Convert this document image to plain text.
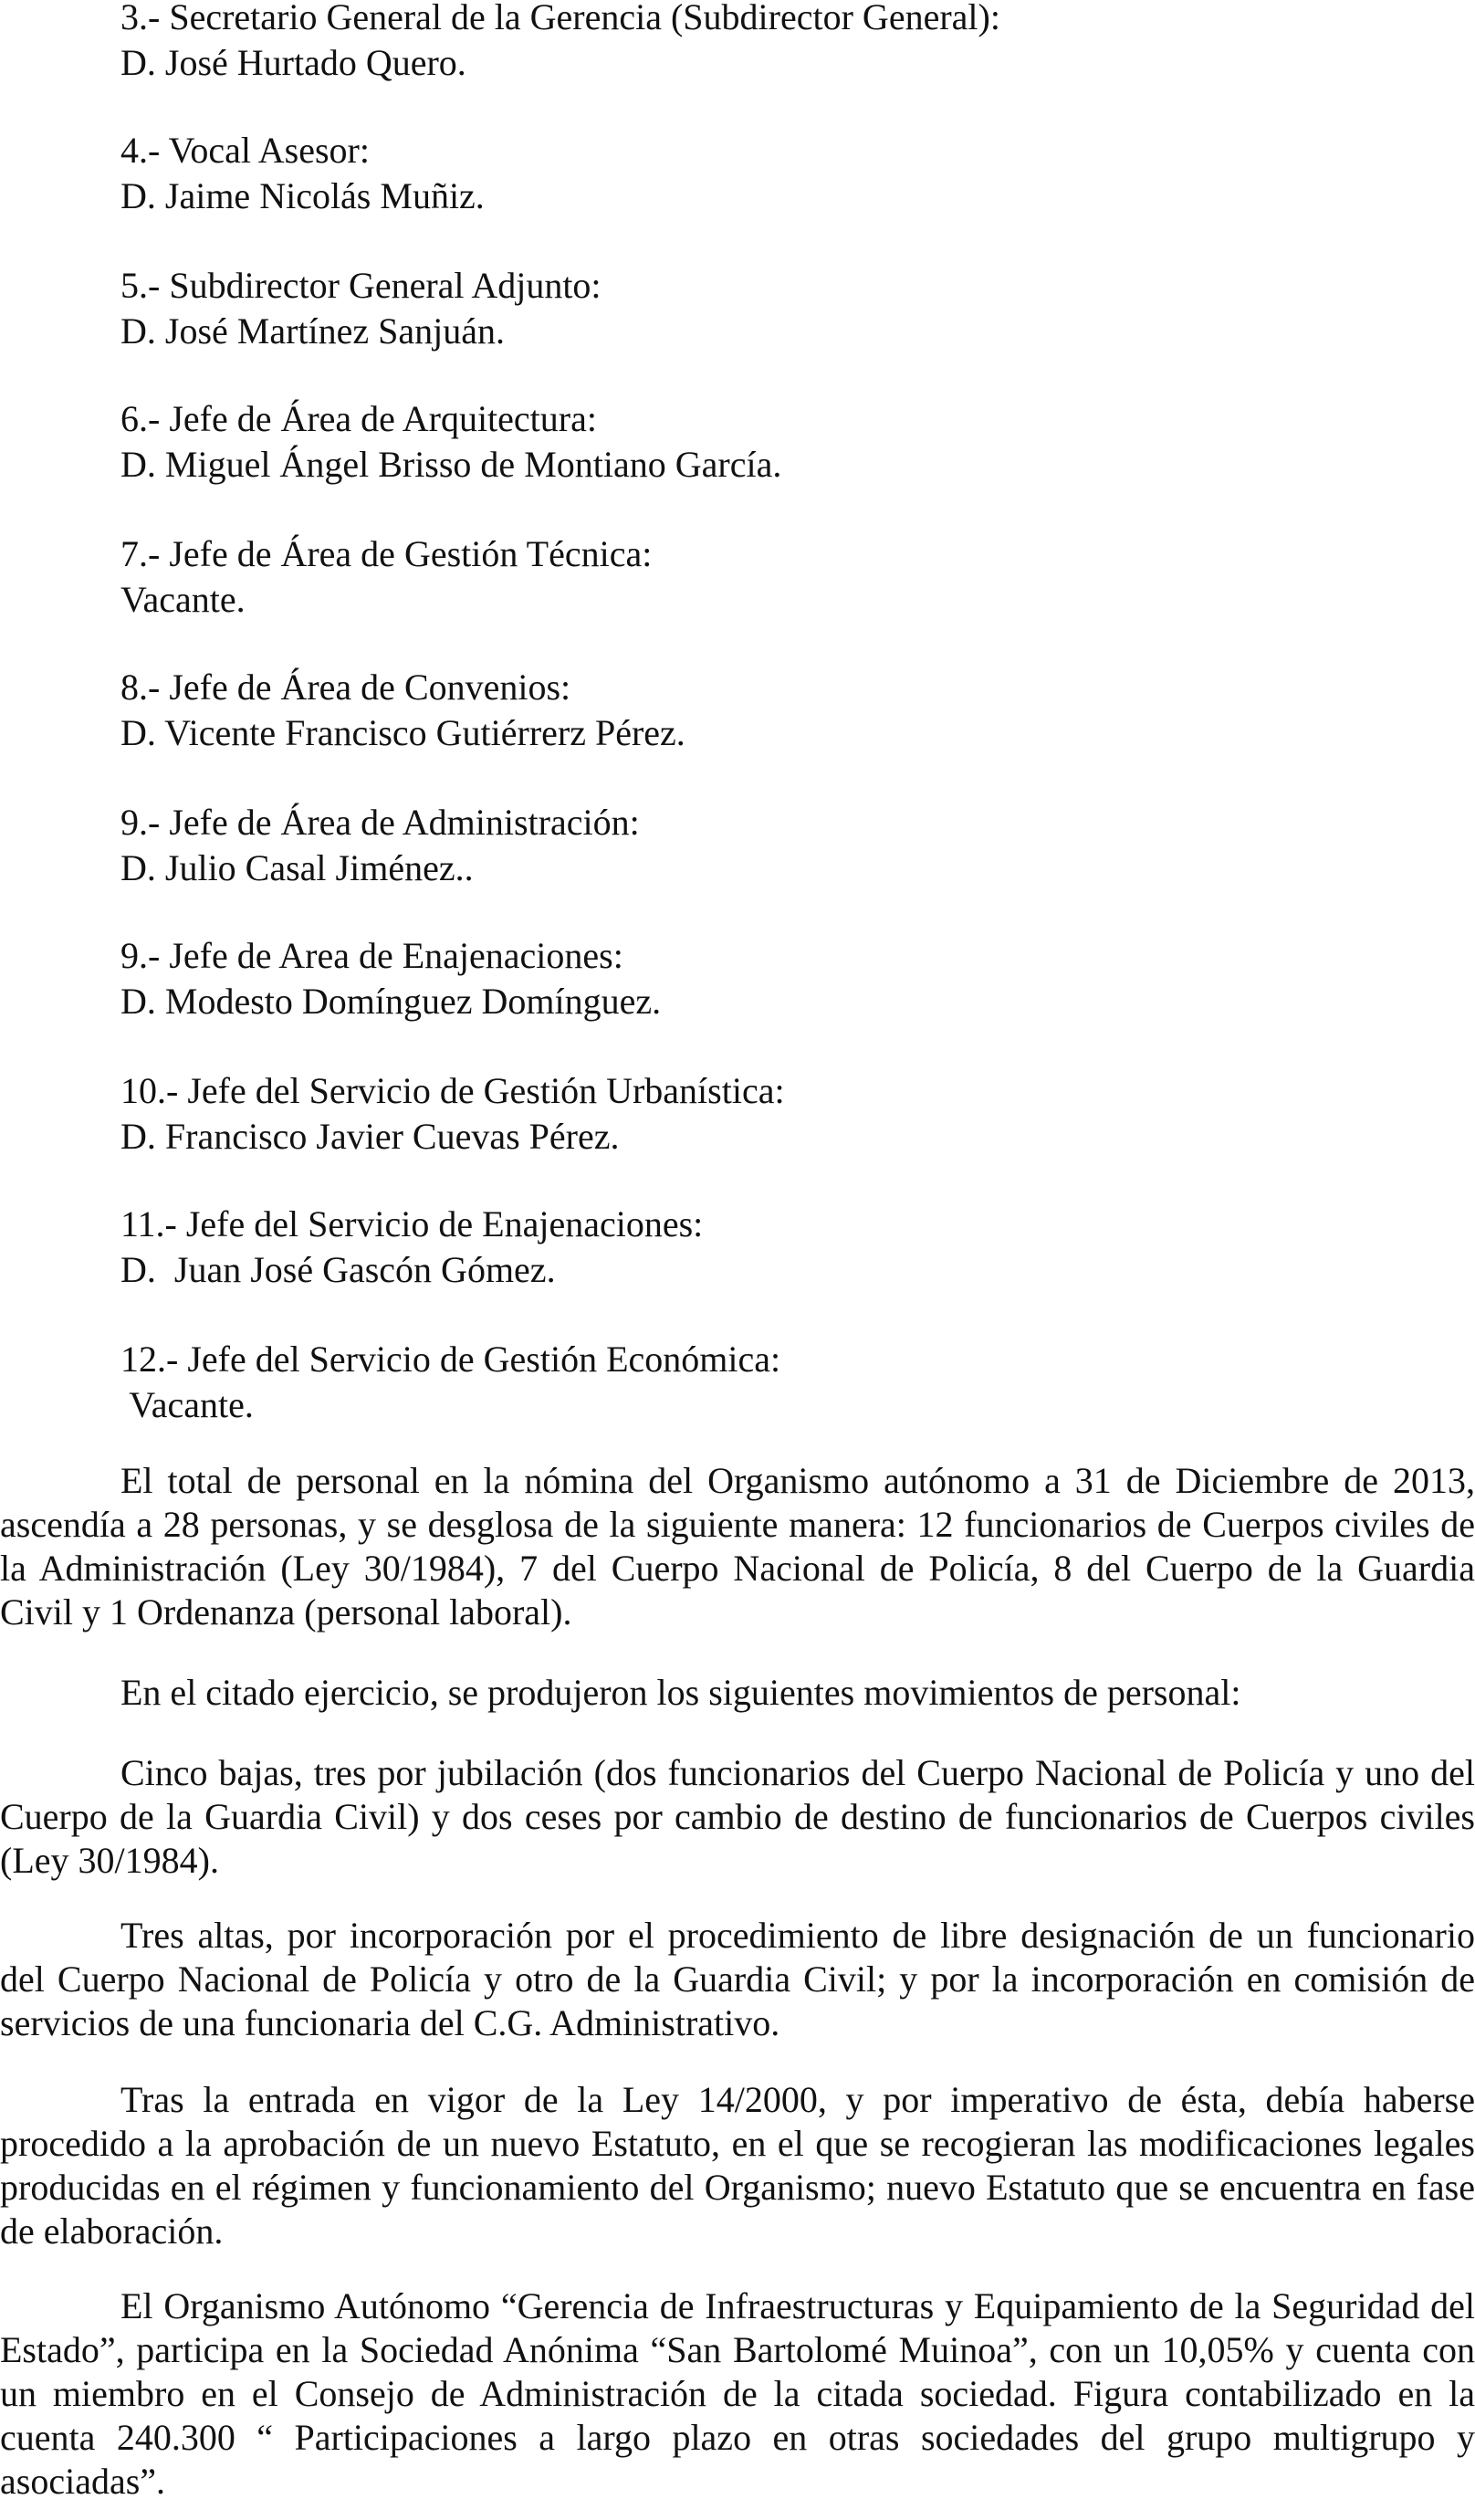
3.- Secretario General de la Gerencia (Subdirector General):
D. José Hurtado Quero.
4.- Vocal Asesor:
D. Jaime Nicolás Muñiz.
5.- Subdirector General Adjunto:
D. José Martínez Sanjuán.
6.- Jefe de Área de Arquitectura:
D. Miguel Ángel Brisso de Montiano García.
7.- Jefe de Área de Gestión Técnica:
Vacante.
8.- Jefe de Área de Convenios:
D. Vicente Francisco Gutiérrerz Pérez.
9.- Jefe de Área de Administración:
D. Julio Casal Jiménez..
9.- Jefe de Area de Enajenaciones:
D. Modesto Domínguez Domínguez.
10.- Jefe del Servicio de Gestión Urbanística:
D. Francisco Javier Cuevas Pérez.
11.- Jefe del Servicio de Enajenaciones:
D.  Juan José Gascón Gómez.
12.- Jefe del Servicio de Gestión Económica:
Vacante.

El total de personal en la nómina del Organismo autónomo a 31 de Diciembre de 2013, ascendía a 28 personas, y se desglosa de la siguiente manera: 12 funcionarios de Cuerpos civiles de la Administración (Ley 30/1984), 7 del Cuerpo Nacional de Policía, 8 del Cuerpo de la Guardia Civil y 1 Ordenanza (personal laboral).

En el citado ejercicio, se produjeron los siguientes movimientos de personal:

Cinco bajas, tres por jubilación (dos funcionarios del Cuerpo Nacional de Policía y uno del Cuerpo de la Guardia Civil) y dos ceses por cambio de destino de funcionarios de Cuerpos civiles (Ley 30/1984).

Tres altas, por incorporación por el procedimiento de libre designación de un funcionario del Cuerpo Nacional de Policía y otro de la Guardia Civil; y por la incorporación en comisión de servicios de una funcionaria del C.G. Administrativo.

Tras la entrada en vigor de la Ley 14/2000, y por imperativo de ésta, debía haberse procedido a la aprobación de un nuevo Estatuto, en el que se recogieran las modificaciones legales producidas en el régimen y funcionamiento del Organismo; nuevo Estatuto que se encuentra en fase de elaboración.

El Organismo Autónomo “Gerencia de Infraestructuras y Equipamiento de la Seguridad del Estado”, participa en la Sociedad Anónima “San Bartolomé Muinoa”, con un 10,05% y cuenta con un miembro en el Consejo de Administración de la citada sociedad. Figura contabilizado en la cuenta 240.300 “ Participaciones a largo plazo en otras sociedades del grupo multigrupo y asociadas”.
